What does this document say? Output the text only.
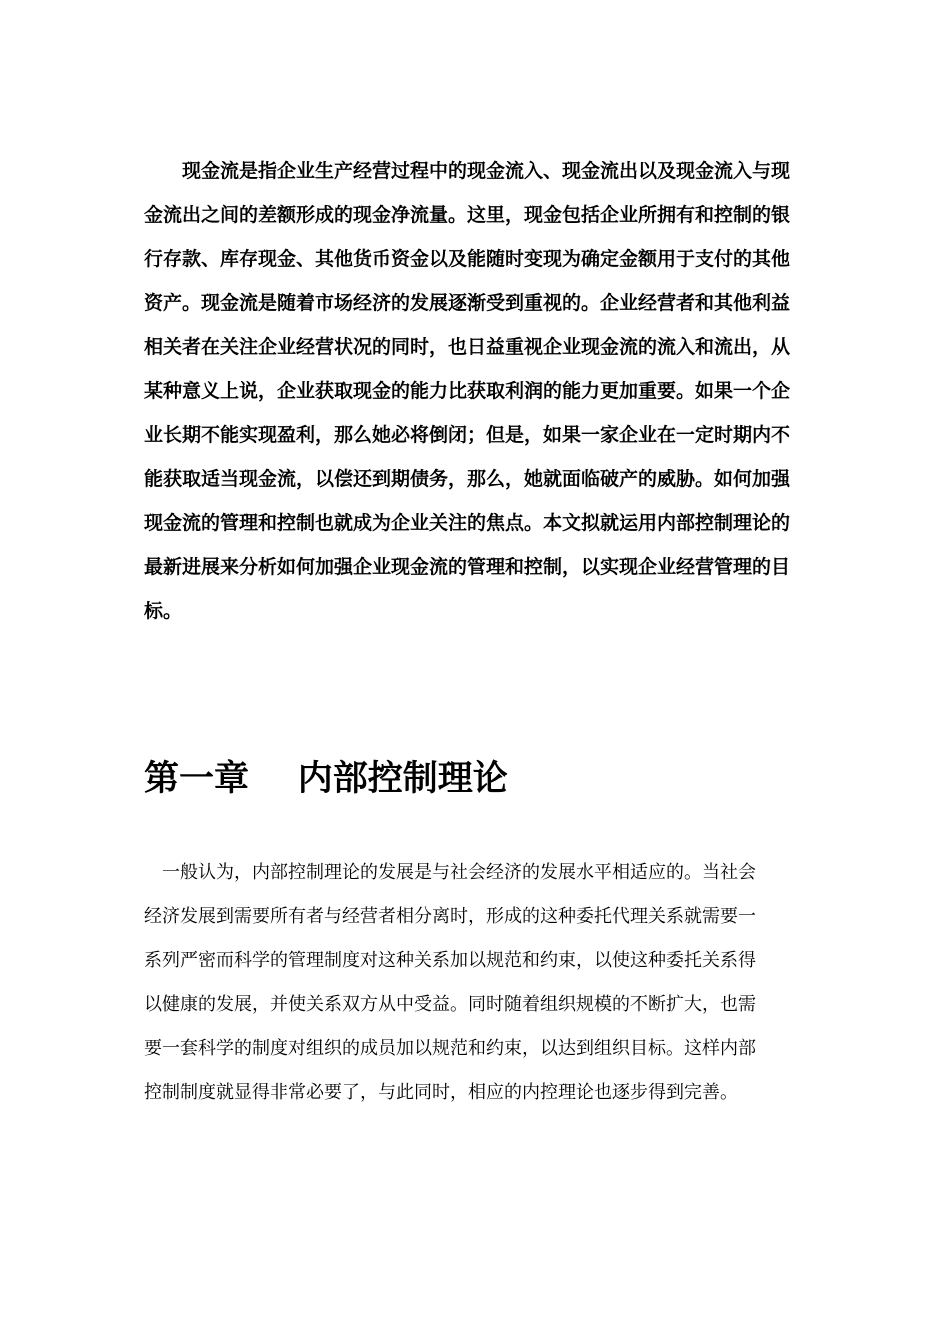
现金流是指企业生产经营过程中的现金流入、现金流出以及现金流入与现
金流出之间的差额形成的现金净流量。这里，现金包括企业所拥有和控制的银
行存款、库存现金、其他货币资金以及能随时变现为确定金额用于支付的其他
资产。现金流是随着市场经济的发展逐渐受到重视的。企业经营者和其他利益
相关者在关注企业经营状况的同时，也日益重视企业现金流的流入和流出，从
某种意义上说，企业获取现金的能力比获取利润的能力更加重要。如果一个企
业长期不能实现盈利，那么她必将倒闭；但是，如果一家企业在一定时期内不
能获取适当现金流，以偿还到期债务，那么，她就面临破产的威胁。如何加强
现金流的管理和控制也就成为企业关注的焦点。本文拟就运用内部控制理论的
最新进展来分析如何加强企业现金流的管理和控制，以实现企业经营管理的目
标。
第一章    内部控制理论
一般认为，内部控制理论的发展是与社会经济的发展水平相适应的。当社会
经济发展到需要所有者与经营者相分离时，形成的这种委托代理关系就需要一
系列严密而科学的管理制度对这种关系加以规范和约束，以使这种委托关系得
以健康的发展，并使关系双方从中受益。同时随着组织规模的不断扩大，也需
要一套科学的制度对组织的成员加以规范和约束，以达到组织目标。这样内部
控制制度就显得非常必要了，与此同时，相应的内控理论也逐步得到完善。
